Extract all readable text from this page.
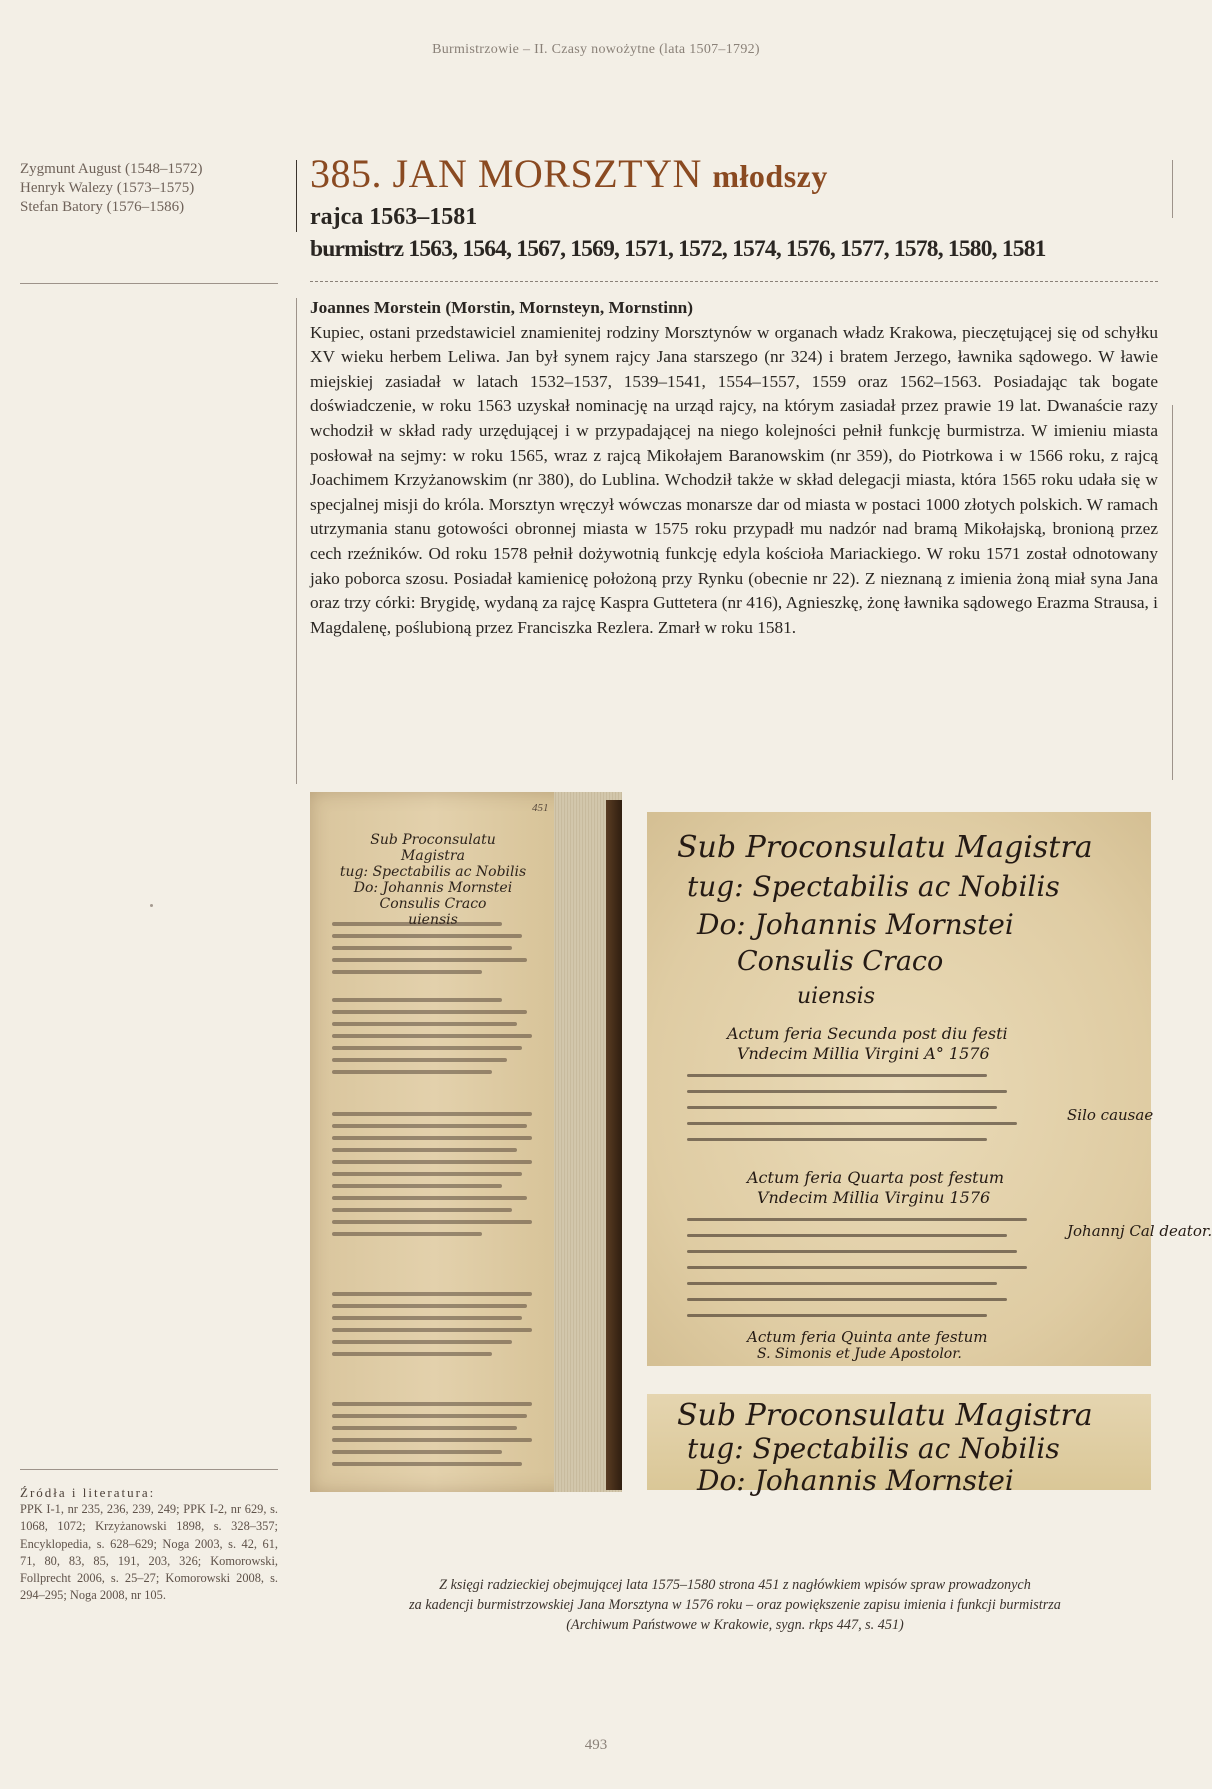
Burmistrzowie – II. Czasy nowożytne (lata 1507–1792)
Zygmunt August (1548–1572)
Henryk Walezy (1573–1575)
Stefan Batory (1576–1586)
385. JAN MORSZTYN młodszy
rajca 1563–1581
burmistrz 1563, 1564, 1567, 1569, 1571, 1572, 1574, 1576, 1577, 1578, 1580, 1581
Joannes Morstein (Morstin, Mornsteyn, Mornstinn)
Kupiec, ostani przedstawiciel znamienitej rodziny Morsztynów w organach władz Krakowa, pieczętującej się od schyłku XV wieku herbem Leliwa. Jan był synem rajcy Jana starszego (nr 324) i bratem Jerzego, ławnika sądowego. W ławie miejskiej zasiadał w latach 1532–1537, 1539–1541, 1554–1557, 1559 oraz 1562–1563. Posiadając tak bogate doświadczenie, w roku 1563 uzyskał nominację na urząd rajcy, na którym zasiadał przez prawie 19 lat. Dwanaście razy wchodził w skład rady urzędującej i w przypadającej na niego kolejności pełnił funkcję burmistrza. W imieniu miasta posłował na sejmy: w roku 1565, wraz z rajcą Mikołajem Baranowskim (nr 359), do Piotrkowa i w 1566 roku, z rajcą Joachimem Krzyżanowskim (nr 380), do Lublina. Wchodził także w skład delegacji miasta, która 1565 roku udała się w specjalnej misji do króla. Morsztyn wręczył wówczas monarsze dar od miasta w postaci 1000 złotych polskich. W ramach utrzymania stanu gotowości obronnej miasta w 1575 roku przypadł mu nadzór nad bramą Mikołajską, bronioną przez cech rzeźników. Od roku 1578 pełnił dożywotnią funkcję edyla kościoła Mariackiego. W roku 1571 został odnotowany jako poborca szosu. Posiadał kamienicę położoną przy Rynku (obecnie nr 22). Z nieznaną z imienia żoną miał syna Jana oraz trzy córki: Brygidę, wydaną za rajcę Kaspra Guttetera (nr 416), Agnieszkę, żonę ławnika sądowego Erazma Strausa, i Magdalenę, poślubioną przez Franciszka Rezlera. Zmarł w roku 1581.
451
Sub Proconsulatu Magistra
tug: Spectabilis ac Nobilis
Do: Johannis Mornstei
Consulis Craco
uiensis
Sub Proconsulatu Magistra
tug: Spectabilis ac Nobilis
Do: Johannis Mornstei
Consulis Craco
uiensis
Actum feria Secunda post diu festi
Vndecim Millia Virgini A° 1576
Silo causae
Actum feria Quarta post festum
Vndecim Millia Virginu 1576
Johannj Cal deator.
Actum feria Quinta ante festum
S. Simonis et Jude Apostolor.
Sub Proconsulatu Magistra
tug: Spectabilis ac Nobilis
Do: Johannis Mornstei
Źródła i literatura:
PPK I-1, nr 235, 236, 239, 249; PPK I-2, nr 629, s. 1068, 1072; Krzyżanowski 1898, s. 328–357; Encyklopedia, s. 628–629; Noga 2003, s. 42, 61, 71, 80, 83, 85, 191, 203, 326; Komorowski, Follprecht 2006, s. 25–27; Komorowski 2008, s. 294–295; Noga 2008, nr 105.
Z księgi radzieckiej obejmującej lata 1575–1580 strona 451 z nagłówkiem wpisów spraw prowadzonych
za kadencji burmistrzowskiej Jana Morsztyna w 1576 roku – oraz powiększenie zapisu imienia i funkcji burmistrza
(Archiwum Państwowe w Krakowie, sygn. rkps 447, s. 451)
493
